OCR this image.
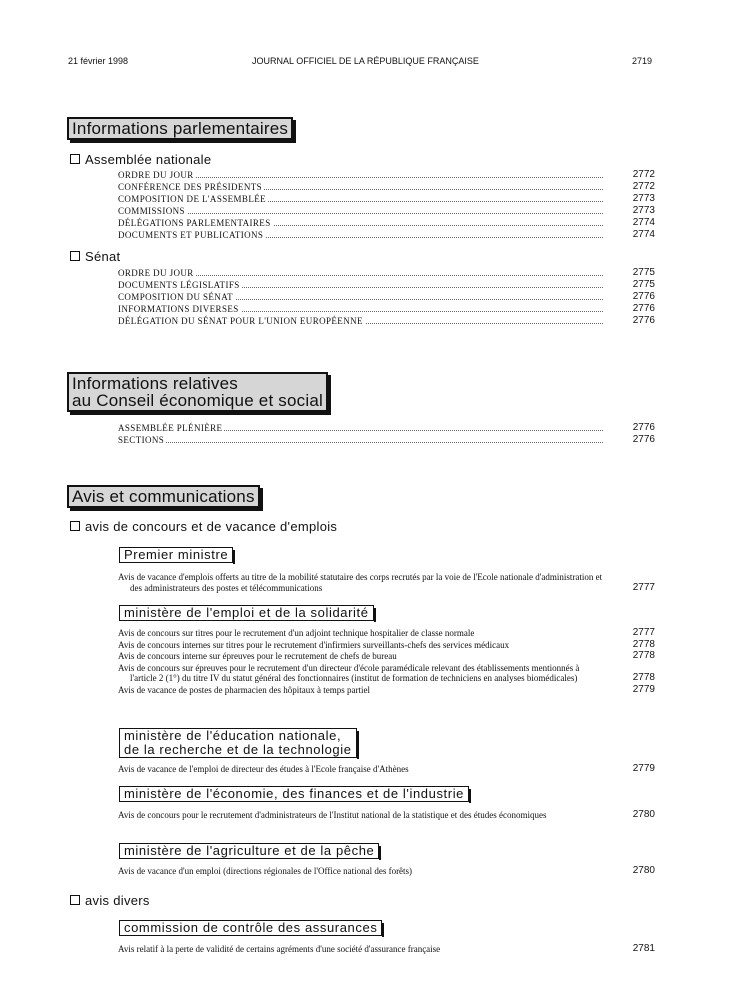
21 février 1998	JOURNAL OFFICIEL DE LA RÉPUBLIQUE FRANÇAISE	2719
Informations parlementaires
Assemblée nationale
ORDRE DU JOUR	2772
CONFÉRENCE DES PRÉSIDENTS	2772
COMPOSITION DE L'ASSEMBLÉE	2773
COMMISSIONS	2773
DÉLÉGATIONS PARLEMENTAIRES	2774
DOCUMENTS ET PUBLICATIONS	2774
Sénat
ORDRE DU JOUR	2775
DOCUMENTS LÉGISLATIFS	2775
COMPOSITION DU SÉNAT	2776
INFORMATIONS DIVERSES	2776
DÉLÉGATION DU SÉNAT POUR L'UNION EUROPÉENNE	2776
Informations relatives
au Conseil économique et social
ASSEMBLÉE PLÉNIÈRE	2776
SECTIONS	2776
Avis et communications
avis de concours et de vacance d'emplois
Premier ministre
Avis de vacance d'emplois offerts au titre de la mobilité statutaire des corps recrutés par la voie de l'Ecole nationale d'administration et des administrateurs des postes et télécommunications	2777
ministère de l'emploi et de la solidarité
Avis de concours sur titres pour le recrutement d'un adjoint technique hospitalier de classe normale	2777
Avis de concours internes sur titres pour le recrutement d'infirmiers surveillants-chefs des services médicaux	2778
Avis de concours interne sur épreuves pour le recrutement de chefs de bureau	2778
Avis de concours sur épreuves pour le recrutement d'un directeur d'école paramédicale relevant des établissements mentionnés à l'article 2 (1°) du titre IV du statut général des fonctionnaires (institut de formation de techniciens en analyses biomédicales)	2778
Avis de vacance de postes de pharmacien des hôpitaux à temps partiel	2779
ministère de l'éducation nationale,
de la recherche et de la technologie
Avis de vacance de l'emploi de directeur des études à l'Ecole française d'Athènes	2779
ministère de l'économie, des finances et de l'industrie
Avis de concours pour le recrutement d'administrateurs de l'Institut national de la statistique et des études économiques	2780
ministère de l'agriculture et de la pêche
Avis de vacance d'un emploi (directions régionales de l'Office national des forêts)	2780
avis divers
commission de contrôle des assurances
Avis relatif à la perte de validité de certains agréments d'une société d'assurance française	2781
